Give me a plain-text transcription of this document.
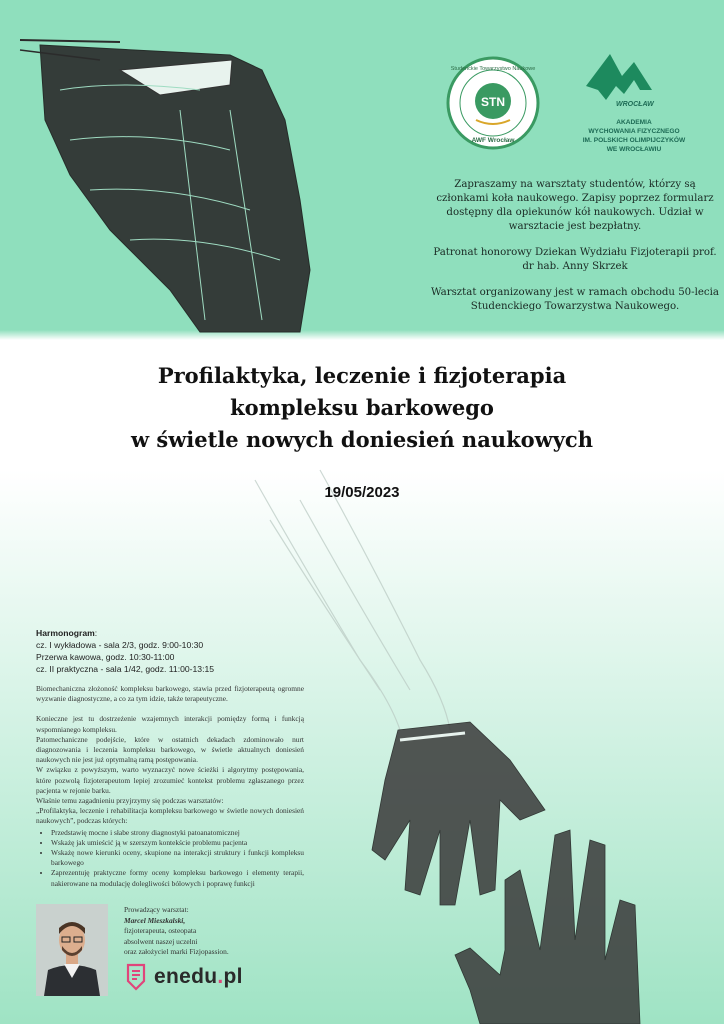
STN
Studenckie Towarzystwo Naukowe
AWF Wrocław
WROCŁAW
AKADEMIA
WYCHOWANIA FIZYCZNEGO
IM. POLSKICH OLIMPIJCZYKÓW
WE WROCŁAWIU

Zapraszamy na warsztaty studentów, którzy są członkami koła naukowego. Zapisy poprzez formularz dostępny dla opiekunów kół naukowych. Udział w warsztacie jest bezpłatny.

Patronat honorowy Dziekan Wydziału Fizjoterapii prof. dr hab. Anny Skrzek

Warsztat organizowany jest w ramach obchodu 50-lecia Studenckiego Towarzystwa Naukowego.

Profilaktyka, leczenie i fizjoterapia
kompleksu barkowego
w świetle nowych doniesień naukowych
19/05/2023
Harmonogram:
cz. I wykładowa - sala 2/3, godz. 9:00-10:30
Przerwa kawowa, godz. 10:30-11:00
cz. II praktyczna - sala 1/42, godz. 11:00-13:15

Biomechaniczna złożoność kompleksu barkowego, stawia przed fizjoterapeutą ogromne wyzwanie diagnostyczne, a co za tym idzie, także terapeutyczne.

Konieczne jest tu dostrzeżenie wzajemnych interakcji pomiędzy formą i funkcją wspomnianego kompleksu.

Patomechaniczne podejście, które w ostatnich dekadach zdominowało nurt diagnozowania i leczenia kompleksu barkowego, w świetle aktualnych doniesień naukowych nie jest już optymalną ramą postępowania.

W związku z powyższym, warto wyznaczyć nowe ścieżki i algorytmy postępowania, które pozwolą fizjoterapeutom lepiej zrozumieć kontekst problemu zgłaszanego przez pacjenta w rejonie barku.

Właśnie temu zagadnieniu przyjrzymy się podczas warsztatów:

„Profilaktyka, leczenie i rehabilitacja kompleksu barkowego w świetle nowych doniesień naukowych”, podczas których:

• Przedstawię mocne i słabe strony diagnostyki patoanatomicznej
• Wskażę jak umieścić ją w szerszym kontekście problemu pacjenta
• Wskażę nowe kierunki oceny, skupione na interakcji struktury i funkcji kompleksu barkowego
• Zaprezentuję praktyczne formy oceny kompleksu barkowego i elementy terapii, nakierowane na modulację dolegliwości bólowych i poprawę funkcji
Prowadzący warsztat:
Marcel Mieszkalski,
fizjoterapeuta, osteopata
absolwent naszej uczelni
oraz założyciel marki Fizjopassion.
enedu.pl
